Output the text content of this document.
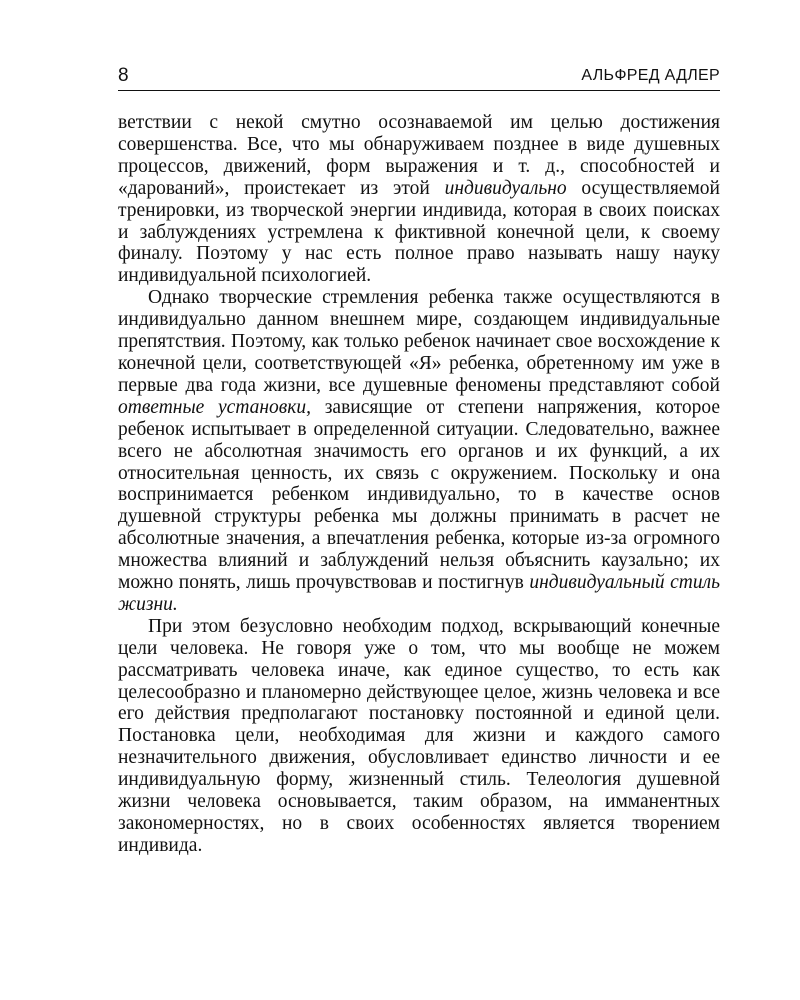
8	АЛЬФРЕД АДЛЕР

ветствии с некой смутно осознаваемой им целью достижения совершенства. Все, что мы обнаруживаем позднее в виде душевных процессов, движений, форм выражения и т. д., способностей и «дарований», проистекает из этой индивидуально осуществляемой тренировки, из творческой энергии индивида, которая в своих поисках и заблуждениях устремлена к фиктивной конечной цели, к своему финалу. Поэтому у нас есть полное право называть нашу науку индивидуальной психологией.

Однако творческие стремления ребенка также осуществляются в индивидуально данном внешнем мире, создающем индивидуальные препятствия. Поэтому, как только ребенок начинает свое восхождение к конечной цели, соответствующей «Я» ребенка, обретенному им уже в первые два года жизни, все душевные феномены представляют собой ответные установки, зависящие от степени напряжения, которое ребенок испытывает в определенной ситуации. Следовательно, важнее всего не абсолютная значимость его органов и их функций, а их относительная ценность, их связь с окружением. Поскольку и она воспринимается ребенком индивидуально, то в качестве основ душевной структуры ребенка мы должны принимать в расчет не абсолютные значения, а впечатления ребенка, которые из-за огромного множества влияний и заблуждений нельзя объяснить каузально; их можно понять, лишь прочувствовав и постигнув индивидуальный стиль жизни.

При этом безусловно необходим подход, вскрывающий конечные цели человека. Не говоря уже о том, что мы вообще не можем рассматривать человека иначе, как единое существо, то есть как целесообразно и планомерно действующее целое, жизнь человека и все его действия предполагают постановку постоянной и единой цели. Постановка цели, необходимая для жизни и каждого самого незначительного движения, обусловливает единство личности и ее индивидуальную форму, жизненный стиль. Телеология душевной жизни человека основывается, таким образом, на имманентных закономерностях, но в своих особенностях является творением индивида.
